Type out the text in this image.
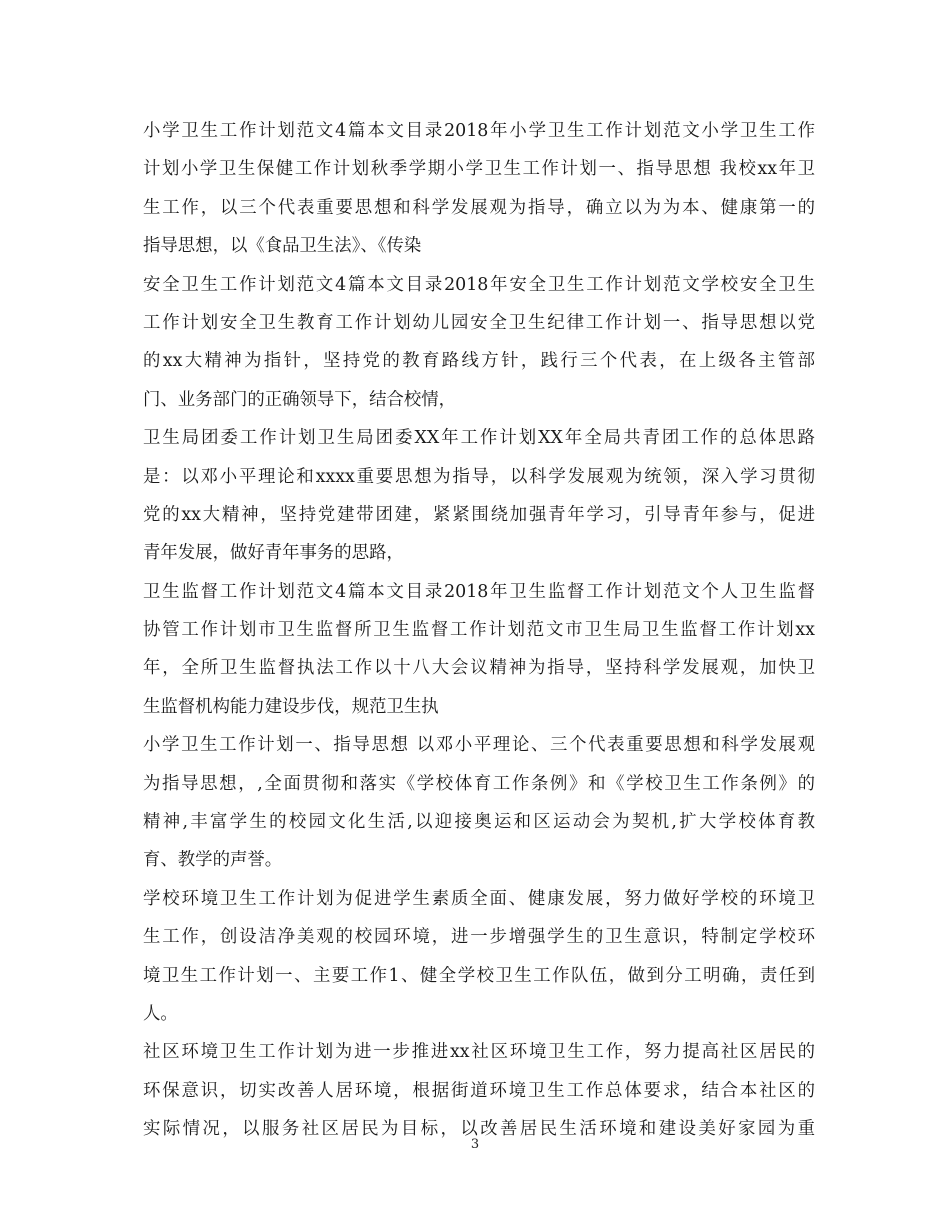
小学卫生工作计划范文4篇本文目录2018年小学卫生工作计划范文小学卫生工作
计划小学卫生保健工作计划秋季学期小学卫生工作计划一、指导思想 我校xx年卫
生工作，以三个代表重要思想和科学发展观为指导，确立以为为本、健康第一的
指导思想，以《食品卫生法》、《传染
安全卫生工作计划范文4篇本文目录2018年安全卫生工作计划范文学校安全卫生
工作计划安全卫生教育工作计划幼儿园安全卫生纪律工作计划一、指导思想以党
的xx大精神为指针，坚持党的教育路线方针，践行三个代表，在上级各主管部
门、业务部门的正确领导下，结合校情，
卫生局团委工作计划卫生局团委XX年工作计划XX年全局共青团工作的总体思路
是：以邓小平理论和xxxx重要思想为指导，以科学发展观为统领，深入学习贯彻
党的xx大精神，坚持党建带团建，紧紧围绕加强青年学习，引导青年参与，促进
青年发展，做好青年事务的思路，
卫生监督工作计划范文4篇本文目录2018年卫生监督工作计划范文个人卫生监督
协管工作计划市卫生监督所卫生监督工作计划范文市卫生局卫生监督工作计划xx
年，全所卫生监督执法工作以十八大会议精神为指导，坚持科学发展观，加快卫
生监督机构能力建设步伐，规范卫生执
小学卫生工作计划一、指导思想 以邓小平理论、三个代表重要思想和科学发展观
为指导思想，,全面贯彻和落实《学校体育工作条例》和《学校卫生工作条例》的
精神,丰富学生的校园文化生活,以迎接奥运和区运动会为契机,扩大学校体育教
育、教学的声誉。
学校环境卫生工作计划为促进学生素质全面、健康发展，努力做好学校的环境卫
生工作，创设洁净美观的校园环境，进一步增强学生的卫生意识，特制定学校环
境卫生工作计划一、主要工作1、健全学校卫生工作队伍，做到分工明确，责任到
人。
社区环境卫生工作计划为进一步推进xx社区环境卫生工作，努力提高社区居民的
环保意识，切实改善人居环境，根据街道环境卫生工作总体要求，结合本社区的
实际情况，以服务社区居民为目标，以改善居民生活环境和建设美好家园为重
3
